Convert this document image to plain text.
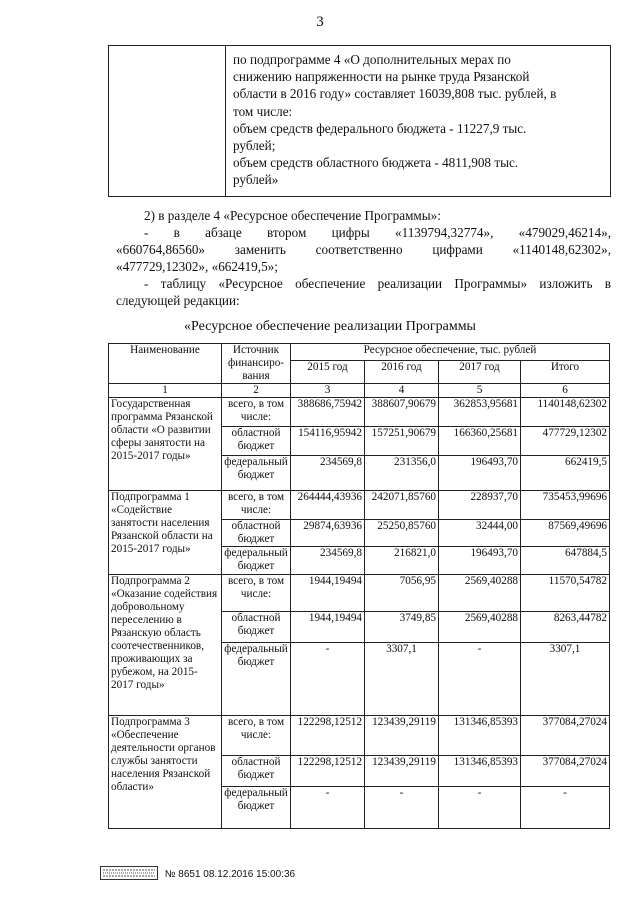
3
по подпрограмме 4 «О дополнительных мерах по
снижению напряженности на рынке труда Рязанской
области в 2016 году» составляет 16039,808 тыс. рублей, в
том числе:
объем средств федерального бюджета - 11227,9 тыс.
рублей;
объем средств областного бюджета - 4811,908 тыс.
рублей»
2) в разделе 4 «Ресурсное обеспечение Программы»:
- в абзаце втором цифры «1139794,32774», «479029,46214»,
«660764,86560» заменить соответственно цифрами «1140148,62302»,
«477729,12302», «662419,5»;
- таблицу «Ресурсное обеспечение реализации Программы» изложить в
следующей редакции:
«Ресурсное обеспечение реализации Программы
Наименование	Источник финансиро-вания	Ресурсное обеспечение, тыс. рублей			
		2015 год	2016 год	2017 год	Итого
1	2	3	4	5	6
Государственная программа Рязанской области «О развитии сферы занятости на 2015-2017 годы»	всего, в том числе:	388686,75942	388607,90679	362853,95681	1140148,62302
	областной бюджет	154116,95942	157251,90679	166360,25681	477729,12302
	федеральный бюджет	234569,8	231356,0	196493,70	662419,5
Подпрограмма 1 «Содействие занятости населения Рязанской области на 2015-2017 годы»	всего, в том числе:	264444,43936	242071,85760	228937,70	735453,99696
	областной бюджет	29874,63936	25250,85760	32444,00	87569,49696
	федеральный бюджет	234569,8	216821,0	196493,70	647884,5
Подпрограмма 2 «Оказание содействия добровольному переселению в Рязанскую область соотечественников, проживающих за рубежом, на 2015-2017 годы»	всего, в том числе:	1944,19494	7056,95	2569,40288	11570,54782
	областной бюджет	1944,19494	3749,85	2569,40288	8263,44782
	федеральный бюджет	-	3307,1	-	3307,1
Подпрограмма 3 «Обеспечение деятельности органов службы занятости населения Рязанской области»	всего, в том числе:	122298,12512	123439,29119	131346,85393	377084,27024
	областной бюджет	122298,12512	123439,29119	131346,85393	377084,27024
	федеральный бюджет	-	-	-	-
№ 8651 08.12.2016 15:00:36
